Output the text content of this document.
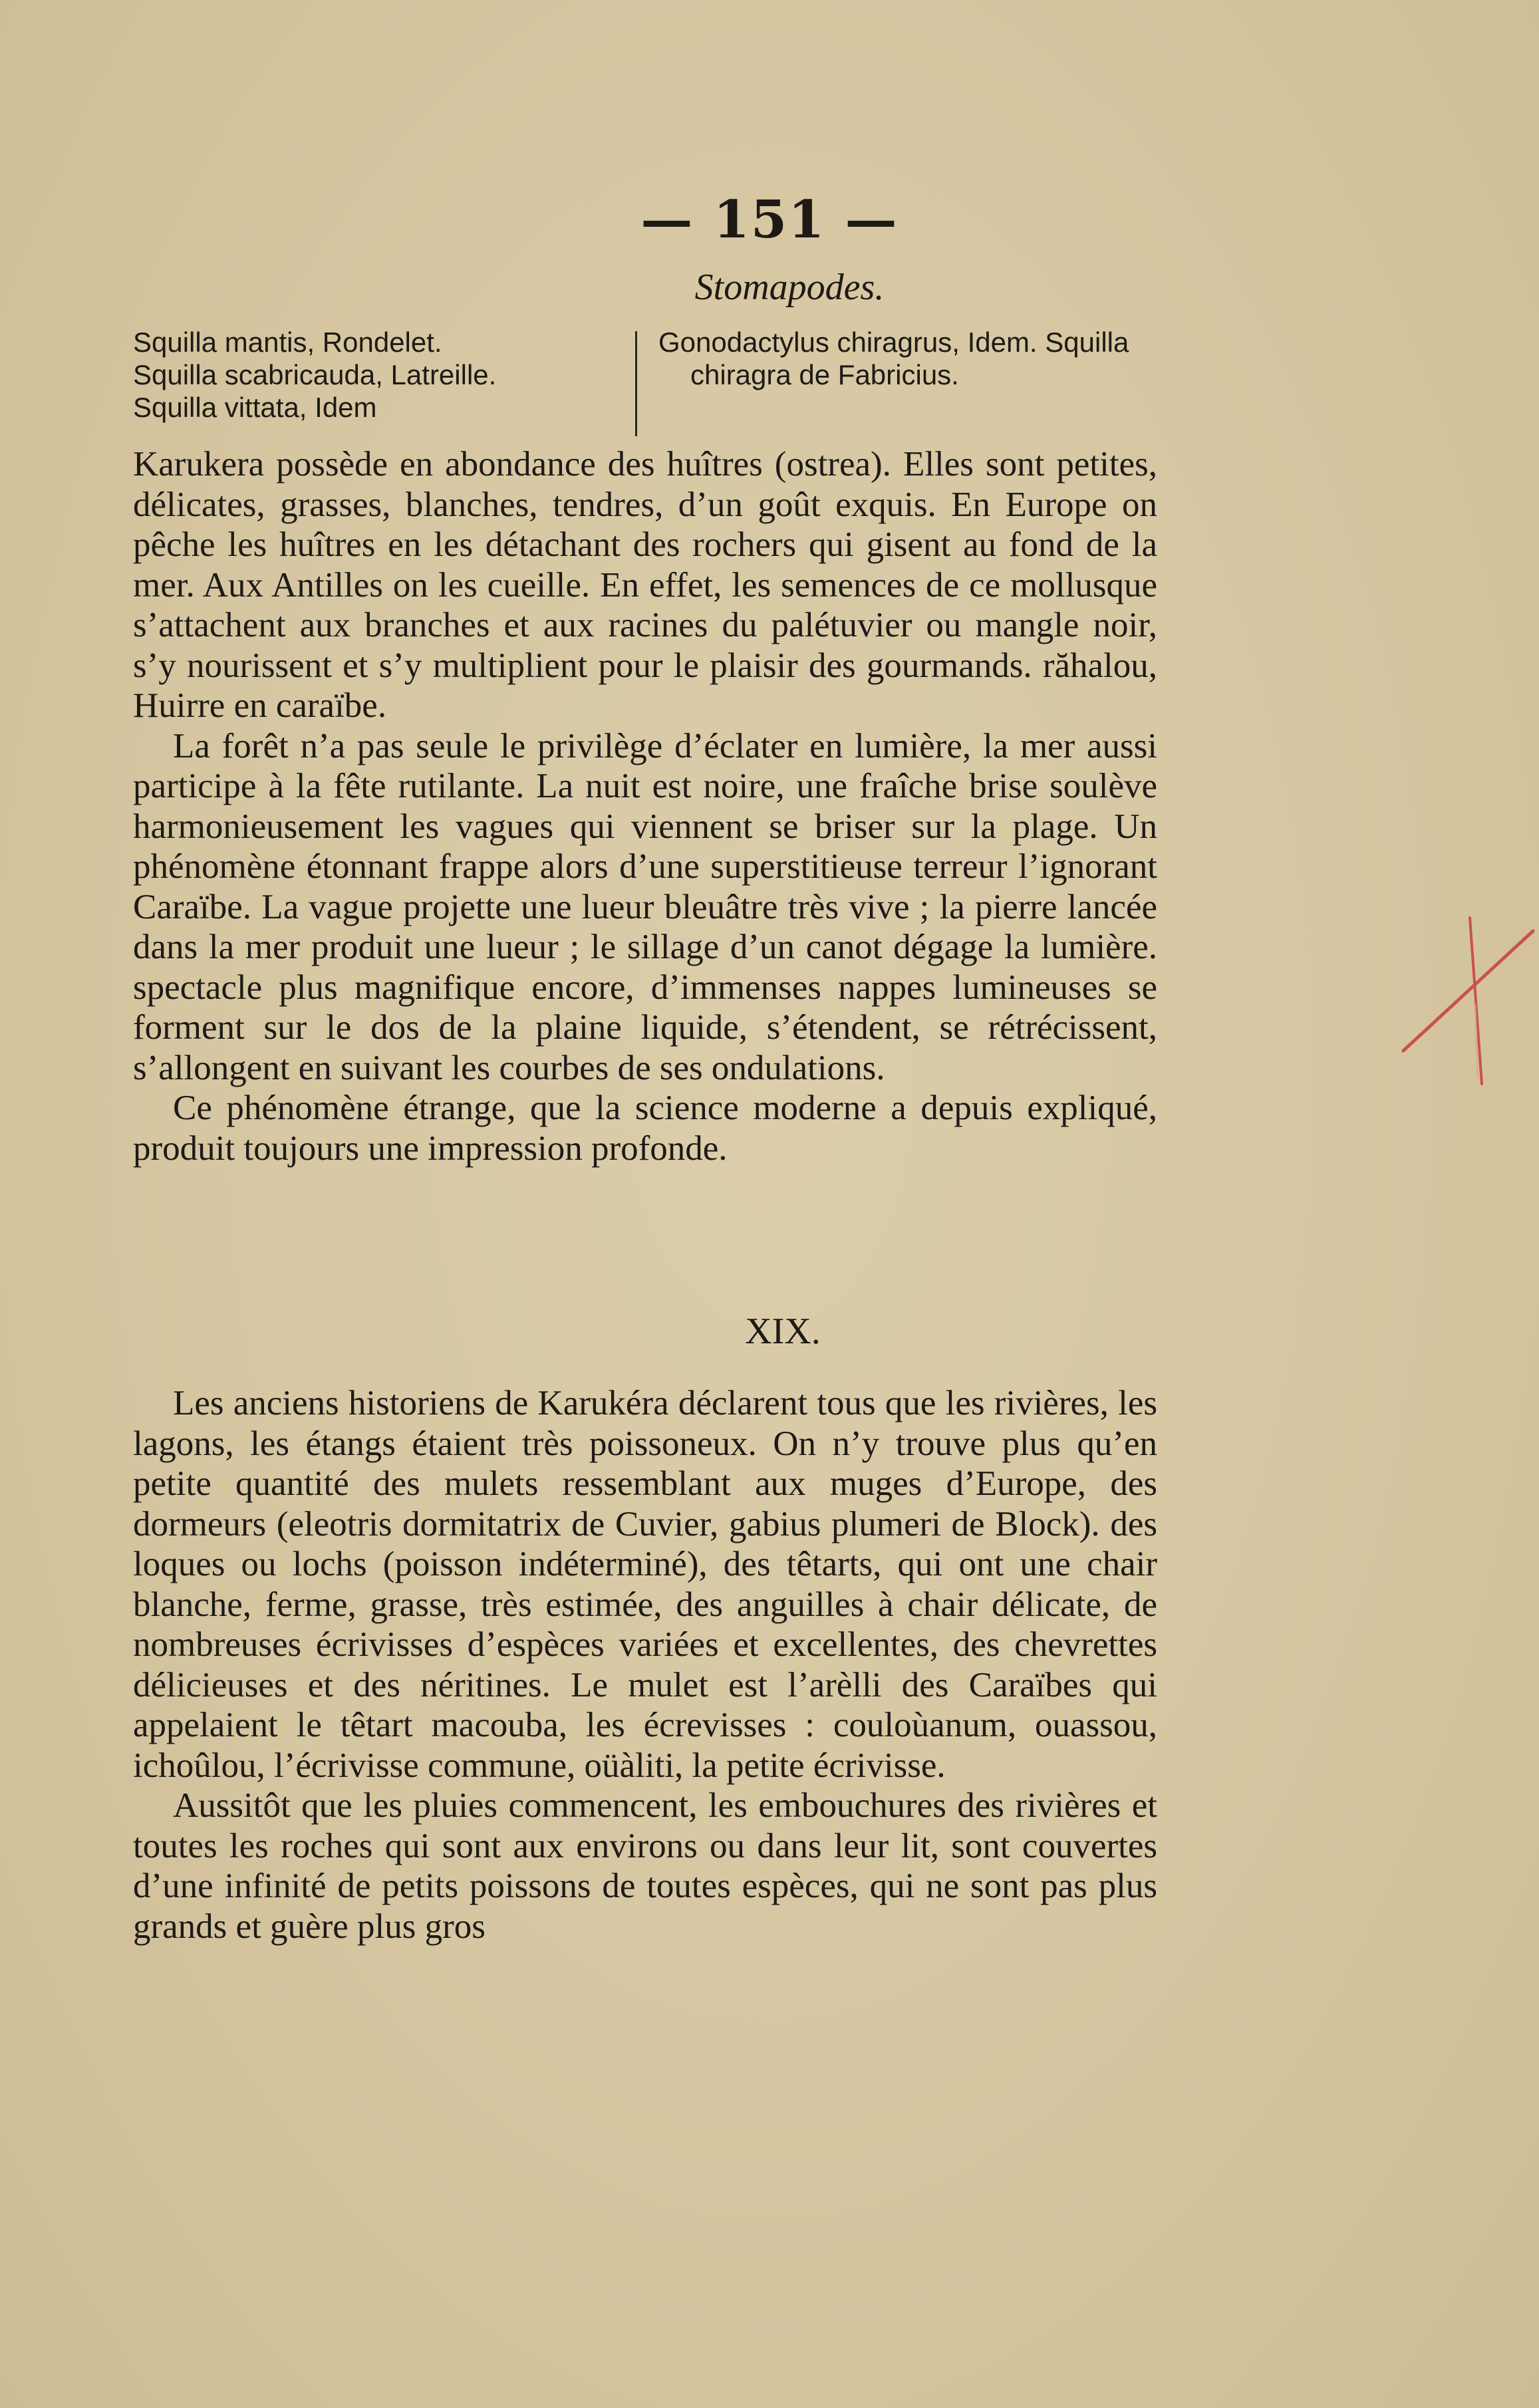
— 151 —
Stomapodes.
Squilla mantis, Rondelet.
Squilla scabricauda, Latreille.
Squilla vittata, Idem
Gonodactylus chiragrus, Idem. Squilla
chiragra de Fabricius.

Karukera possède en abondance des huîtres (ostrea). Elles sont petites, délicates, grasses, blanches, tendres, d’un goût exquis. En Europe on pêche les huîtres en les détachant des rochers qui gisent au fond de la mer. Aux Antilles on les cueille. En effet, les semences de ce mollusque s’attachent aux branches et aux racines du palétuvier ou mangle noir, s’y nourissent et s’y multiplient pour le plaisir des gourmands. răhalou, Huirre en caraïbe.

La forêt n’a pas seule le privilège d’éclater en lumière, la mer aussi participe à la fête rutilante. La nuit est noire, une fraîche brise soulève harmonieusement les vagues qui viennent se briser sur la plage. Un phénomène étonnant frappe alors d’une superstitieuse terreur l’ignorant Caraïbe. La vague projette une lueur bleuâtre très vive ; la pierre lancée dans la mer produit une lueur ; le sillage d’un canot dégage la lumière. spectacle plus magnifique encore, d’immenses nappes lumineuses se forment sur le dos de la plaine liquide, s’étendent, se rétrécissent, s’allongent en suivant les courbes de ses ondulations.

Ce phénomène étrange, que la science moderne a depuis expliqué, produit toujours une impression profonde.

XIX.

Les anciens historiens de Karukéra déclarent tous que les rivières, les lagons, les étangs étaient très poissoneux. On n’y trouve plus qu’en petite quantité des mulets ressemblant aux muges d’Europe, des dormeurs (eleotris dormitatrix de Cuvier, gabius plumeri de Block). des loques ou lochs (poisson indéterminé), des têtarts, qui ont une chair blanche, ferme, grasse, très estimée, des anguilles à chair délicate, de nombreuses écrivisses d’espèces variées et excellentes, des chevrettes délicieuses et des néritines. Le mulet est l’arèlli des Caraïbes qui appelaient le têtart macouba, les écrevisses : couloùanum, ouassou, ichoûlou, l’écrivisse commune, oüàliti, la petite écrivisse.

Aussitôt que les pluies commencent, les embouchures des rivières et toutes les roches qui sont aux environs ou dans leur lit, sont couvertes d’une infinité de petits poissons de toutes espèces, qui ne sont pas plus grands et guère plus gros
